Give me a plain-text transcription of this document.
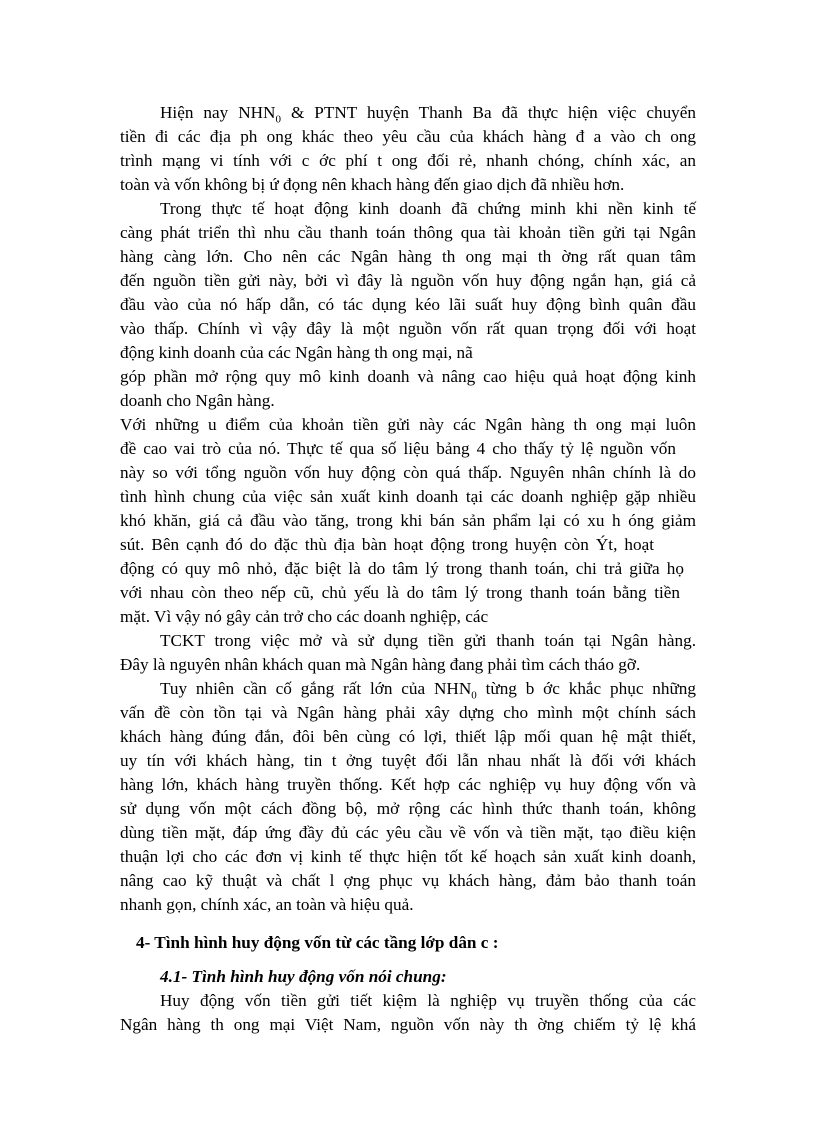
Hiện nay $NHN_0$ & PTNT huyện Thanh Ba đã thực hiện việc chuyển
tiền đi các địa ph ong khác theo yêu cầu của khách hàng đ a vào ch ong
trình mạng vi tính với c ớc phí t ong đối rẻ, nhanh chóng, chính xác, an
toàn và vốn không bị ứ đọng nên khach hàng đến giao dịch đã nhiều hơn.
Trong thực tế hoạt động kinh doanh đã chứng minh khi nền kinh tế
càng phát triển thì nhu cầu thanh toán thông qua tài khoản tiền gửi tại Ngân
hàng càng lớn. Cho nên các Ngân hàng th ong mại th ờng rất quan tâm
đến nguồn tiền gửi này, bởi vì đây là nguồn vốn huy động ngắn hạn, giá cả
đầu vào của nó hấp dẫn, có tác dụng kéo lãi suất huy động bình quân đầu
vào thấp. Chính vì vậy đây là một nguồn vốn rất quan trọng đối với hoạt
động kinh doanh của các Ngân hàng th ong mại, nã
góp phần mở rộng quy mô kinh doanh và nâng cao hiệu quả hoạt động kinh
doanh cho Ngân hàng.
Với những u điểm của khoản tiền gửi này các Ngân hàng th ong mại luôn
đề cao vai trò của nó. Thực tế qua số liệu bảng 4 cho thấy tỷ lệ nguồn vốn
này so với tổng nguồn vốn huy động còn quá thấp. Nguyên nhân chính là do
tình hình chung của việc sản xuất kinh doanh tại các doanh nghiệp gặp nhiều
khó khăn, giá cả đầu vào tăng, trong khi bán sản phẩm lại có xu h óng giảm
sút. Bên cạnh đó do đặc thù địa bàn hoạt động trong huyện còn Ýt, hoạt
động có quy mô nhỏ, đặc biệt là do tâm lý trong thanh toán, chi trả giữa họ
với nhau còn theo nếp cũ, chủ yếu là do tâm lý trong thanh toán bằng tiền
mặt. Vì vậy nó gây cản trở cho các doanh nghiệp, các
TCKT trong việc mở và sử dụng tiền gửi thanh toán tại Ngân hàng.
Đây là nguyên nhân khách quan mà Ngân hàng đang phải tìm cách tháo gỡ.
Tuy nhiên cần cố gắng rất lớn của $NHN_0$ từng b ớc khắc phục những
vấn đề còn tồn tại và Ngân hàng phải xây dựng cho mình một chính sách
khách hàng đúng đắn, đôi bên cùng có lợi, thiết lập mối quan hệ mật thiết,
uy tín với khách hàng, tin t ởng tuyệt đối lẫn nhau nhất là đối với khách
hàng lớn, khách hàng truyền thống. Kết hợp các nghiệp vụ huy động vốn và
sử dụng vốn một cách đồng bộ, mở rộng các hình thức thanh toán, không
dùng tiền mặt, đáp ứng đầy đủ các yêu cầu về vốn và tiền mặt, tạo điều kiện
thuận lợi cho các đơn vị kinh tế thực hiện tốt kế hoạch sản xuất kinh doanh,
nâng cao kỹ thuật và chất l ợng phục vụ khách hàng, đảm bảo thanh toán
nhanh gọn, chính xác, an toàn và hiệu quả.
4- Tình hình huy động vốn từ các tầng lớp dân c :
4.1- Tình hình huy động vốn nói chung:
Huy động vốn tiền gửi tiết kiệm là nghiệp vụ truyền thống của các
Ngân hàng th ong mại Việt Nam, nguồn vốn này th ờng chiếm tỷ lệ khá
